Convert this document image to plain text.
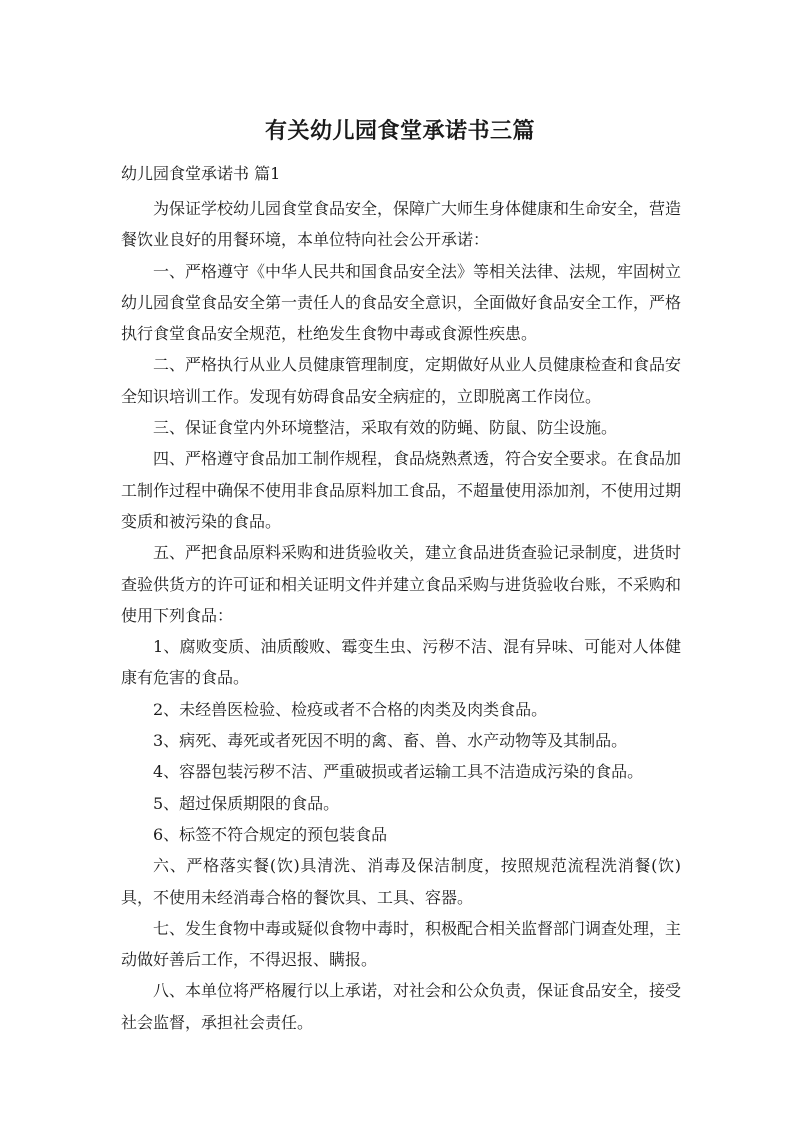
有关幼儿园食堂承诺书三篇
幼儿园食堂承诺书 篇1

为保证学校幼儿园食堂食品安全，保障广大师生身体健康和生命安全，营造餐饮业良好的用餐环境，本单位特向社会公开承诺：

一、严格遵守《中华人民共和国食品安全法》等相关法律、法规，牢固树立幼儿园食堂食品安全第一责任人的食品安全意识，全面做好食品安全工作，严格执行食堂食品安全规范，杜绝发生食物中毒或食源性疾患。

二、严格执行从业人员健康管理制度，定期做好从业人员健康检查和食品安全知识培训工作。发现有妨碍食品安全病症的，立即脱离工作岗位。

三、保证食堂内外环境整洁，采取有效的防蝇、防鼠、防尘设施。

四、严格遵守食品加工制作规程，食品烧熟煮透，符合安全要求。在食品加工制作过程中确保不使用非食品原料加工食品，不超量使用添加剂，不使用过期变质和被污染的食品。

五、严把食品原料采购和进货验收关，建立食品进货查验记录制度，进货时查验供货方的许可证和相关证明文件并建立食品采购与进货验收台账，不采购和使用下列食品：

1、腐败变质、油质酸败、霉变生虫、污秽不洁、混有异味、可能对人体健康有危害的食品。

2、未经兽医检验、检疫或者不合格的肉类及肉类食品。

3、病死、毒死或者死因不明的禽、畜、兽、水产动物等及其制品。

4、容器包装污秽不洁、严重破损或者运输工具不洁造成污染的食品。

5、超过保质期限的食品。

6、标签不符合规定的预包装食品

六、严格落实餐(饮)具清洗、消毒及保洁制度，按照规范流程洗消餐(饮)具，不使用未经消毒合格的餐饮具、工具、容器。

七、发生食物中毒或疑似食物中毒时，积极配合相关监督部门调查处理，主动做好善后工作，不得迟报、瞒报。

八、本单位将严格履行以上承诺，对社会和公众负责，保证食品安全，接受社会监督，承担社会责任。
